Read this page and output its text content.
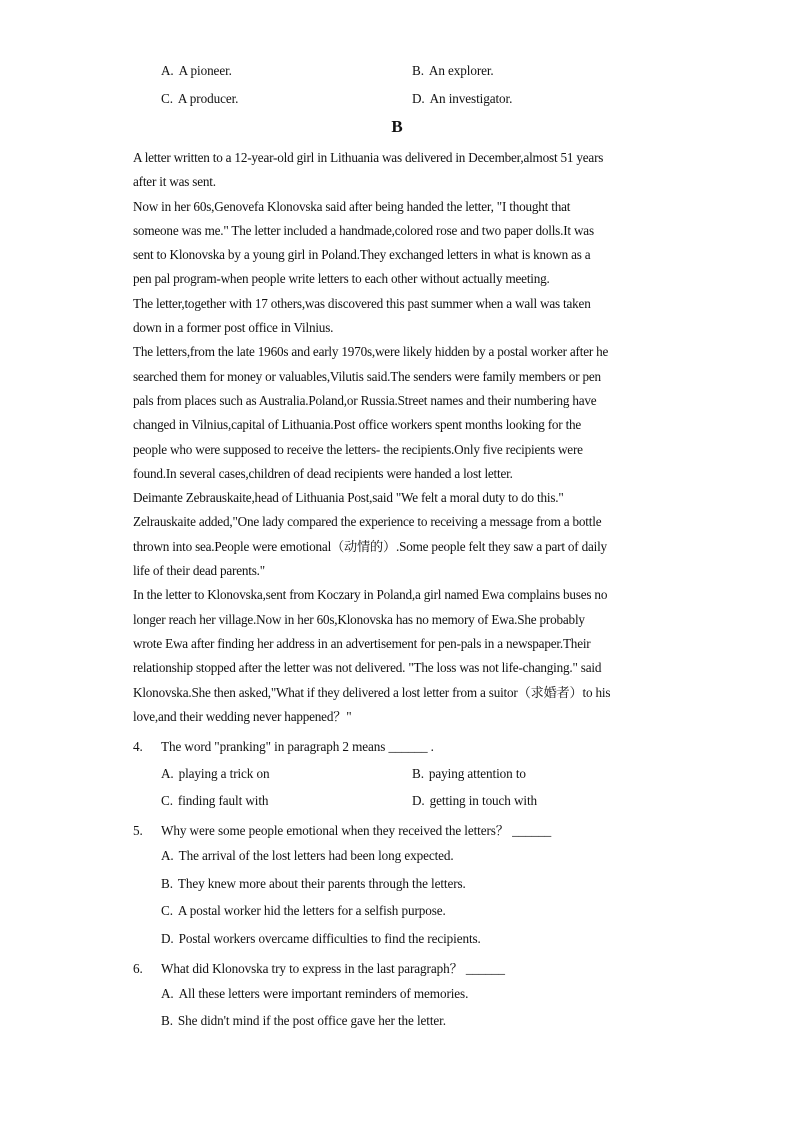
A. A pioneer.	B. An explorer.
C. A producer.	D. An investigator.
B
A letter written to a 12-year-old girl in Lithuania was delivered in December,almost 51 years
after it was sent.
Now in her 60s,Genovefa Klonovska said after being handed the letter, "I thought that
someone was me." The letter included a handmade,colored rose and two paper dolls.It was
sent to Klonovska by a young girl in Poland.They exchanged letters in what is known as a
pen pal program-when people write letters to each other without actually meeting.
The letter,together with 17 others,was discovered this past summer when a wall was taken
down in a former post office in Vilnius.
The letters,from the late 1960s and early 1970s,were likely hidden by a postal worker after he
searched them for money or valuables,Vilutis said.The senders were family members or pen
pals from places such as Australia.Poland,or Russia.Street names and their numbering have
changed in Vilnius,capital of Lithuania.Post office workers spent months looking for the
people who were supposed to receive the letters- the recipients.Only five recipients were
found.In several cases,children of dead recipients were handed a lost letter.
Deimante Zebrauskaite,head of Lithuania Post,said "We felt a moral duty to do this."
Zelrauskaite added,"One lady compared the experience to receiving a message from a bottle
thrown into sea.People were emotional（动情的）.Some people felt they saw a part of daily
life of their dead parents."
In the letter to Klonovska,sent from Koczary in Poland,a girl named Ewa complains buses no
longer reach her village.Now in her 60s,Klonovska has no memory of Ewa.She probably
wrote Ewa after finding her address in an advertisement for pen-pals in a newspaper.Their
relationship stopped after the letter was not delivered. "The loss was not life-changing." said
Klonovska.She then asked,"What if they delivered a lost letter from a suitor（求婚者）to his
love,and their wedding never happened？"
4. The word "pranking" in paragraph 2 means ______ .
A. playing a trick on	B. paying attention to
C. finding fault with	D. getting in touch with
5. Why were some people emotional when they received the letters？ ______
A. The arrival of the lost letters had been long expected.
B. They knew more about their parents through the letters.
C. A postal worker hid the letters for a selfish purpose.
D. Postal workers overcame difficulties to find the recipients.
6. What did Klonovska try to express in the last paragraph？ ______
A. All these letters were important reminders of memories.
B. She didn't mind if the post office gave her the letter.
